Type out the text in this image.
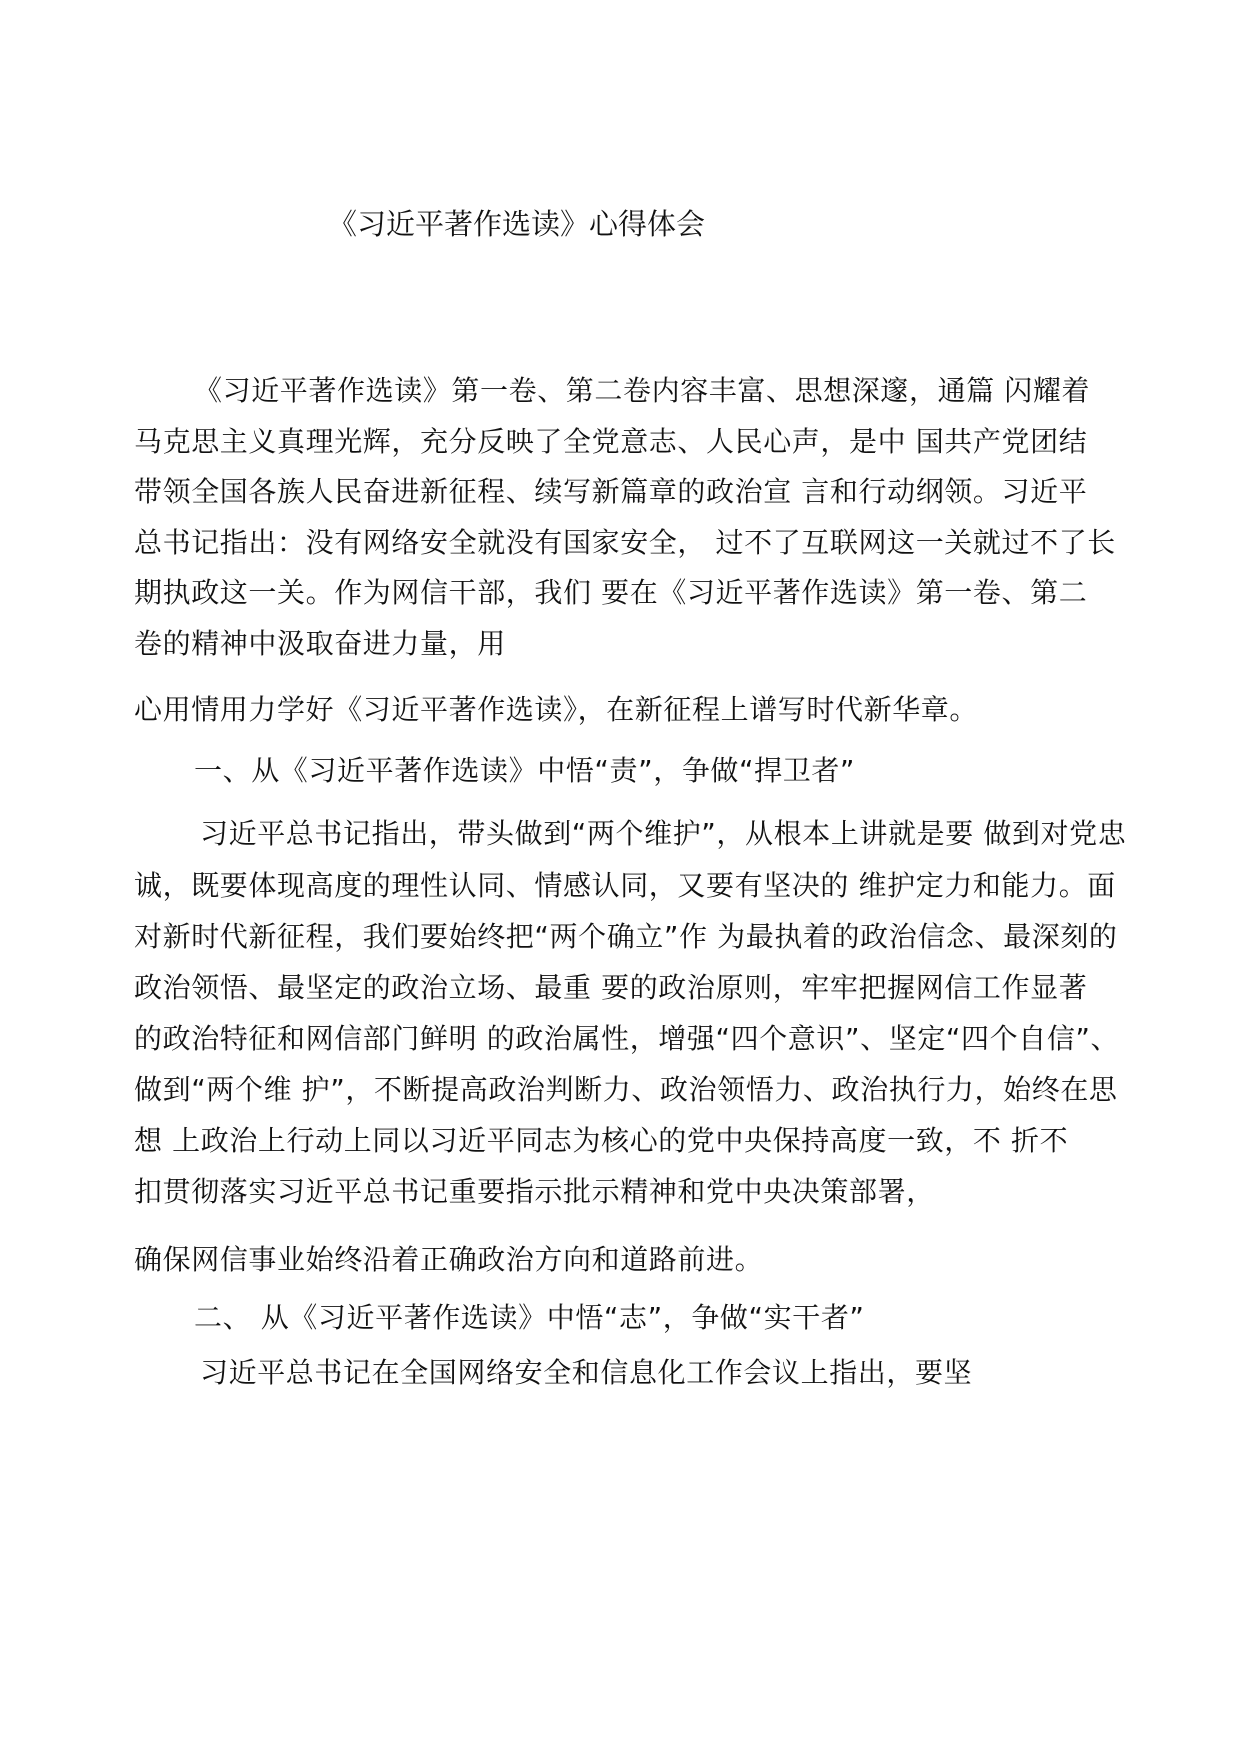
《习近平著作选读》心得体会
《习近平著作选读》第一卷、第二卷内容丰富、思想深邃，通篇 闪耀着
马克思主义真理光辉，充分反映了全党意志、人民心声，是中 国共产党团结
带领全国各族人民奋进新征程、续写新篇章的政治宣 言和行动纲领。习近平
总书记指出：没有网络安全就没有国家安全， 过不了互联网这一关就过不了长
期执政这一关。作为网信干部，我们 要在《习近平著作选读》第一卷、第二
卷的精神中汲取奋进力量，用
心用情用力学好《习近平著作选读》，在新征程上谱写时代新华章。
一、从《习近平著作选读》中悟“责”，争做“捍卫者”
习近平总书记指出，带头做到“两个维护”，从根本上讲就是要 做到对党忠
诚，既要体现高度的理性认同、情感认同，又要有坚决的 维护定力和能力。面
对新时代新征程，我们要始终把“两个确立”作 为最执着的政治信念、最深刻的
政治领悟、最坚定的政治立场、最重 要的政治原则，牢牢把握网信工作显著
的政治特征和网信部门鲜明 的政治属性，增强“四个意识”、坚定“四个自信”、
做到“两个维 护”，不断提高政治判断力、政治领悟力、政治执行力，始终在思
想 上政治上行动上同以习近平同志为核心的党中央保持高度一致，不 折不
扣贯彻落实习近平总书记重要指示批示精神和党中央决策部署，
确保网信事业始终沿着正确政治方向和道路前进。
二、 从《习近平著作选读》中悟“志”，争做“实干者”
习近平总书记在全国网络安全和信息化工作会议上指出，要坚
